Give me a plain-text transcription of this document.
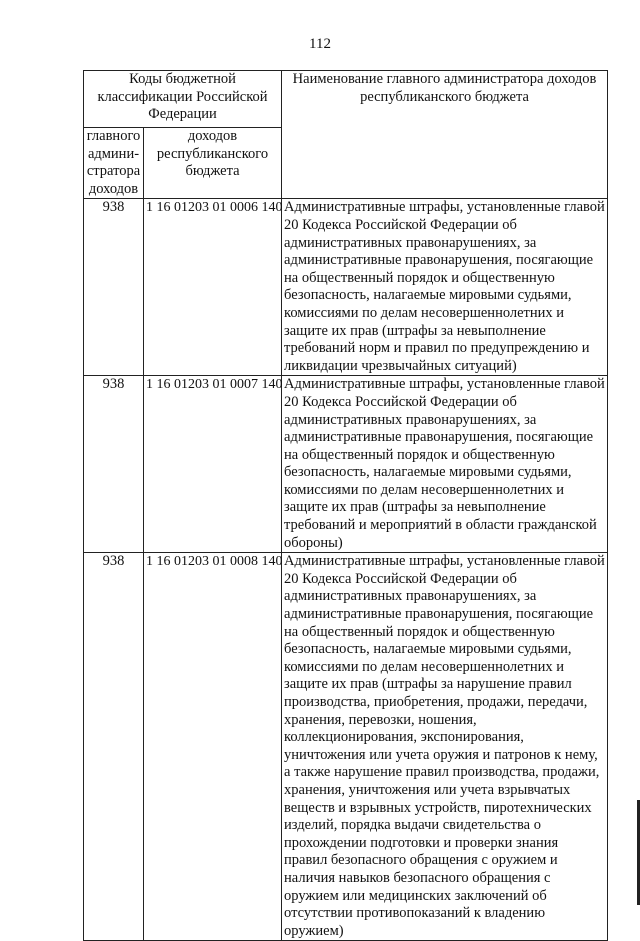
112
Коды бюджетной классификации Российской Федерации		Наименование главного администратора доходов республиканского бюджета
главного админи-стратора доходов	доходов республиканского бюджета	
938	1 16 01203 01 0006 140	Административные штрафы, установленные главой 20 Кодекса Российской Федерации об административных правонарушениях, за административные правонарушения, посягающие на общественный порядок и общественную безопасность, налагаемые мировыми судьями, комиссиями по делам несовершеннолетних и защите их прав (штрафы за невыполнение требований норм и правил по предупреждению и ликвидации чрезвычайных ситуаций)
938	1 16 01203 01 0007 140	Административные штрафы, установленные главой 20 Кодекса Российской Федерации об административных правонарушениях, за административные правонарушения, посягающие на общественный порядок и общественную безопасность, налагаемые мировыми судьями, комиссиями по делам несовершеннолетних и защите их прав (штрафы за невыполнение требований и мероприятий в области гражданской обороны)
938	1 16 01203 01 0008 140	Административные штрафы, установленные главой 20 Кодекса Российской Федерации об административных правонарушениях, за административные правонарушения, посягающие на общественный порядок и общественную безопасность, налагаемые мировыми судьями, комиссиями по делам несовершеннолетних и защите их прав (штрафы за нарушение правил производства, приобретения, продажи, передачи, хранения, перевозки, ношения, коллекционирования, экспонирования, уничтожения или учета оружия и патронов к нему, а также нарушение правил производства, продажи, хранения, уничтожения или учета взрывчатых веществ и взрывных устройств, пиротехнических изделий, порядка выдачи свидетельства о прохождении подготовки и проверки знания правил безопасного обращения с оружием и наличия навыков безопасного обращения с оружием или медицинских заключений об отсутствии противопоказаний к владению оружием)
